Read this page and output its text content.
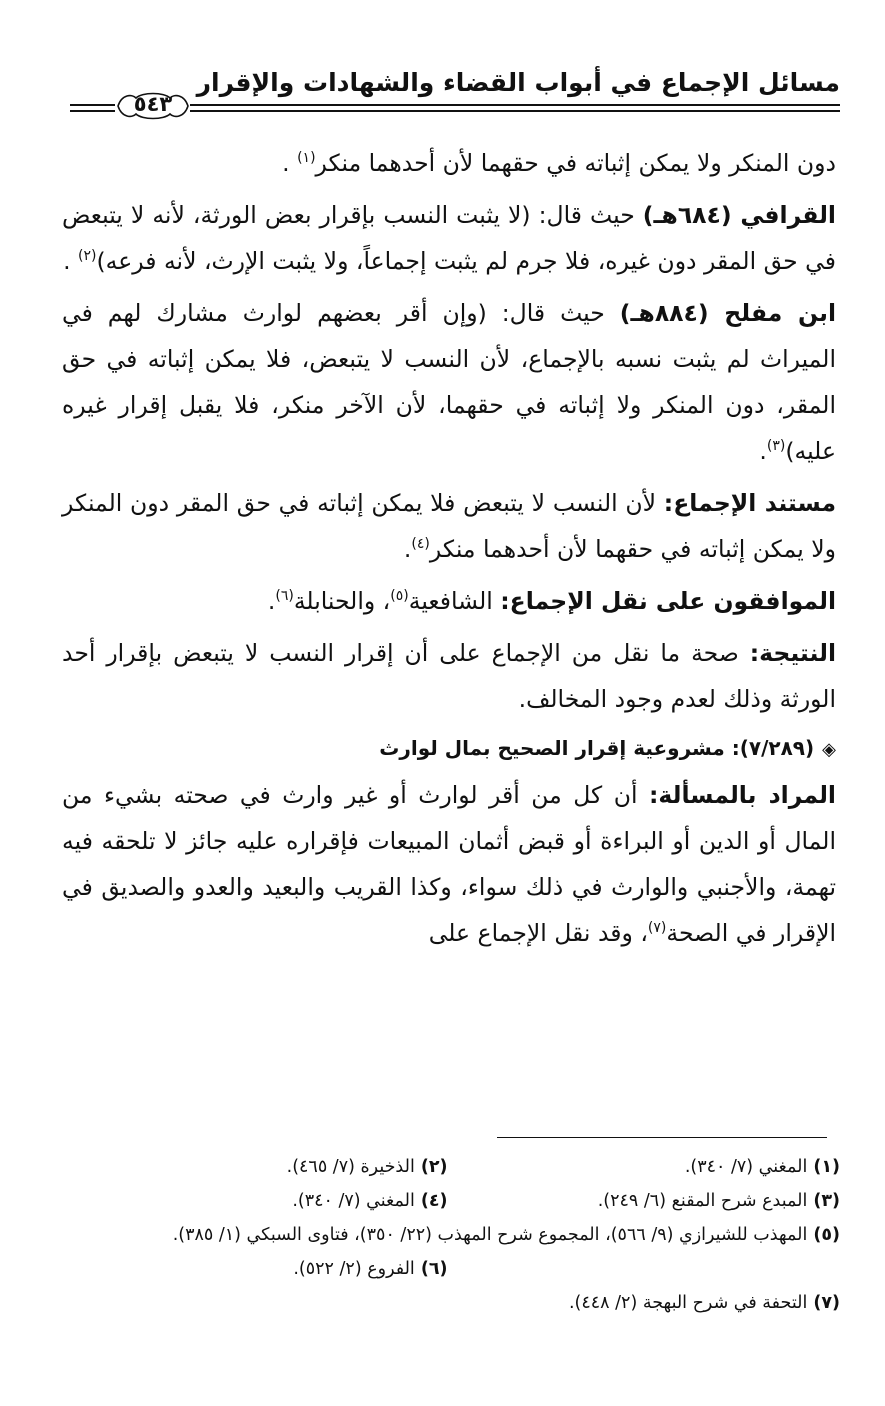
مسائل الإجماع في أبواب القضاء والشهادات والإقرار
٥٤٣

دون المنكر ولا يمكن إثباته في حقهما لأن أحدهما منكر$^{(١)}$ .

القرافي (٦٨٤هـ) حيث قال: (لا يثبت النسب بإقرار بعض الورثة، لأنه لا يتبعض في حق المقر دون غيره، فلا جرم لم يثبت إجماعاً، ولا يثبت الإرث، لأنه فرعه)$^{(٢)}$ .

ابن مفلح (٨٨٤هـ) حيث قال: (وإن أقر بعضهم لوارث مشارك لهم في الميراث لم يثبت نسبه بالإجماع، لأن النسب لا يتبعض، فلا يمكن إثباته في حق المقر، دون المنكر ولا إثباته في حقهما، لأن الآخر منكر، فلا يقبل إقرار غيره عليه)$^{(٣)}$.

مستند الإجماع: لأن النسب لا يتبعض فلا يمكن إثباته في حق المقر دون المنكر ولا يمكن إثباته في حقهما لأن أحدهما منكر$^{(٤)}$.

الموافقون على نقل الإجماع: الشافعية$^{(٥)}$، والحنابلة$^{(٦)}$.

النتيجة: صحة ما نقل من الإجماع على أن إقرار النسب لا يتبعض بإقرار أحد الورثة وذلك لعدم وجود المخالف.

◈(٧/٢٨٩): مشروعية إقرار الصحيح بمال لوارث

المراد بالمسألة: أن كل من أقر لوارث أو غير وارث في صحته بشيء من المال أو الدين أو البراءة أو قبض أثمان المبيعات فإقراره عليه جائز لا تلحقه فيه تهمة، والأجنبي والوارث في ذلك سواء، وكذا القريب والبعيد والعدو والصديق في الإقرار في الصحة$^{(٧)}$، وقد نقل الإجماع على

(١)المغني (٧/ ٣٤٠).
(٢)الذخيرة (٧/ ٤٦٥).
(٣)المبدع شرح المقنع (٦/ ٢٤٩).
(٤)المغني (٧/ ٣٤٠).
(٥)المهذب للشيرازي (٩/ ٥٦٦)، المجموع شرح المهذب (٢٢/ ٣٥٠)، فتاوى السبكي (١/ ٣٨٥).
(٦)الفروع (٢/ ٥٢٢).
(٧)التحفة في شرح البهجة (٢/ ٤٤٨).
